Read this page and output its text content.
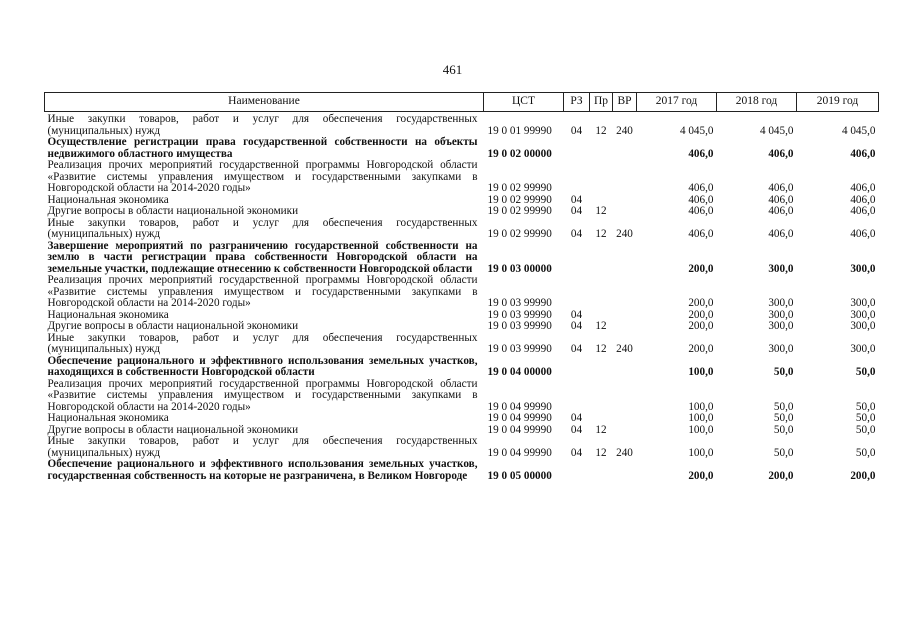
461
Наименование	ЦСТ	РЗ	Пр	ВР	2017 год	2018 год	2019 год
Иные закупки товаров, работ и услуг для обеспечения государственных (муниципальных) нужд	19 0 01 99990	04	12	240	4 045,0	4 045,0	4 045,0
Осуществление регистрации права государственной собственности на объекты недвижимого областного имущества	19 0 02 00000				406,0	406,0	406,0
Реализация прочих мероприятий государственной программы Новгородской области «Развитие системы управления имуществом и государственными закупками в Новгородской области на 2014-2020 годы»	19 0 02 99990				406,0	406,0	406,0
Национальная экономика	19 0 02 99990	04			406,0	406,0	406,0
Другие вопросы в области национальной экономики	19 0 02 99990	04	12		406,0	406,0	406,0
Иные закупки товаров, работ и услуг для обеспечения государственных (муниципальных) нужд	19 0 02 99990	04	12	240	406,0	406,0	406,0
Завершение мероприятий по разграничению государственной собственности на землю в части регистрации права собственности Новгородской области на земельные участки, подлежащие отнесению к собственности Новгородской области	19 0 03 00000				200,0	300,0	300,0
Реализация прочих мероприятий государственной программы Новгородской области «Развитие системы управления имуществом и государственными закупками в Новгородской области на 2014-2020 годы»	19 0 03 99990				200,0	300,0	300,0
Национальная экономика	19 0 03 99990	04			200,0	300,0	300,0
Другие вопросы в области национальной экономики	19 0 03 99990	04	12		200,0	300,0	300,0
Иные закупки товаров, работ и услуг для обеспечения государственных (муниципальных) нужд	19 0 03 99990	04	12	240	200,0	300,0	300,0
Обеспечение рационального и эффективного использования земельных участков, находящихся в собственности Новгородской области	19 0 04 00000				100,0	50,0	50,0
Реализация прочих мероприятий государственной программы Новгородской области «Развитие системы управления имуществом и государственными закупками в Новгородской области на 2014-2020 годы»	19 0 04 99990				100,0	50,0	50,0
Национальная экономика	19 0 04 99990	04			100,0	50,0	50,0
Другие вопросы в области национальной экономики	19 0 04 99990	04	12		100,0	50,0	50,0
Иные закупки товаров, работ и услуг для обеспечения государственных (муниципальных) нужд	19 0 04 99990	04	12	240	100,0	50,0	50,0
Обеспечение рационального и эффективного использования земельных участков, государственная собственность на которые не разграничена, в Великом Новгороде	19 0 05 00000				200,0	200,0	200,0
